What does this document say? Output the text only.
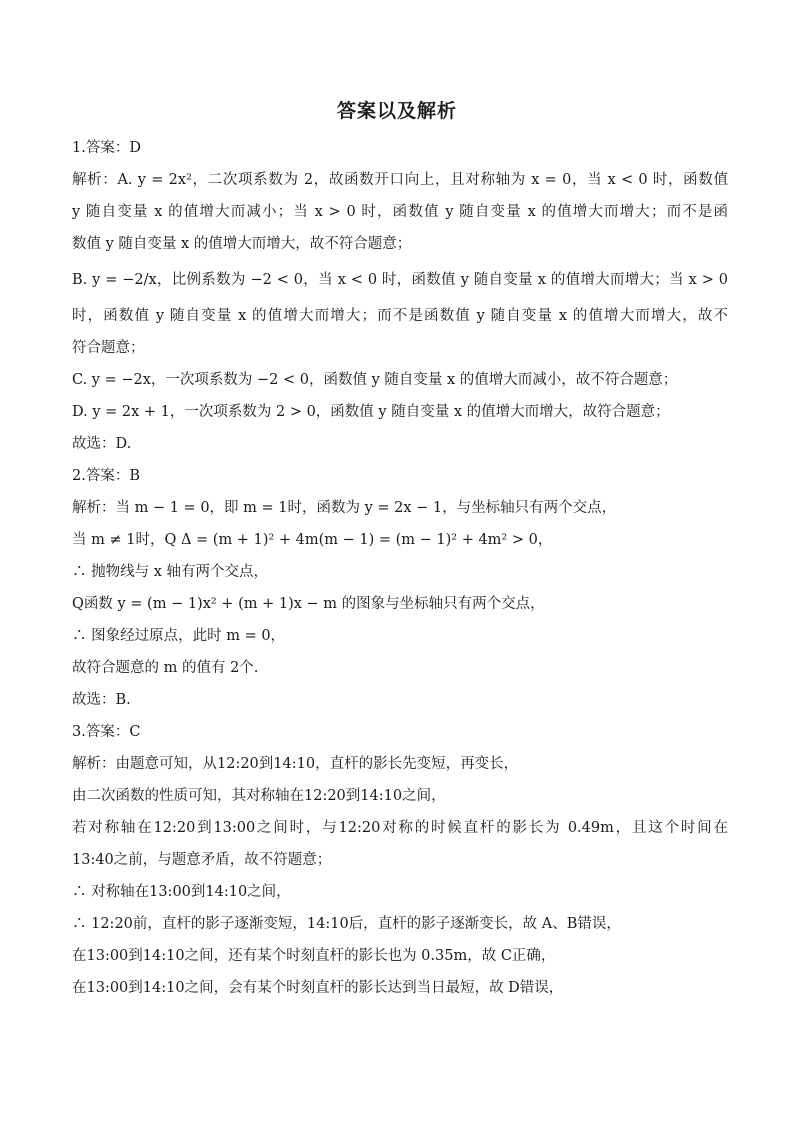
答案以及解析
1.答案：D
解析：A. y = 2x²，二次项系数为 2，故函数开口向上，且对称轴为 x = 0，当 x < 0 时，函数值
y 随自变量 x 的值增大而减小；当 x > 0 时，函数值 y 随自变量 x 的值增大而增大；而不是函
数值 y 随自变量 x 的值增大而增大，故不符合题意；
B. y = −2/x，比例系数为 −2 < 0，当 x < 0 时，函数值 y 随自变量 x 的值增大而增大；当 x > 0
时，函数值 y 随自变量 x 的值增大而增大；而不是函数值 y 随自变量 x 的值增大而增大，故不
符合题意；
C. y = −2x，一次项系数为 −2 < 0，函数值 y 随自变量 x 的值增大而减小，故不符合题意；
D. y = 2x + 1，一次项系数为 2 > 0，函数值 y 随自变量 x 的值增大而增大，故符合题意；
故选：D.
2.答案：B
解析：当 m − 1 = 0，即 m = 1时，函数为 y = 2x − 1，与坐标轴只有两个交点，
当 m ≠ 1时，Q Δ = (m + 1)² + 4m(m − 1) = (m − 1)² + 4m² > 0，
∴ 抛物线与 x 轴有两个交点，
Q函数 y = (m − 1)x² + (m + 1)x − m 的图象与坐标轴只有两个交点，
∴ 图象经过原点，此时 m = 0，
故符合题意的 m 的值有 2个.
故选：B.
3.答案：C
解析：由题意可知，从12:20到14:10，直杆的影长先变短，再变长，
由二次函数的性质可知，其对称轴在12:20到14:10之间，
若对称轴在12:20到13:00之间时，与12:20对称的时候直杆的影长为 0.49m，且这个时间在
13:40之前，与题意矛盾，故不符题意；
∴ 对称轴在13:00到14:10之间，
∴ 12:20前，直杆的影子逐渐变短，14:10后，直杆的影子逐渐变长，故 A、B错误，
在13:00到14:10之间，还有某个时刻直杆的影长也为 0.35m，故 C正确，
在13:00到14:10之间，会有某个时刻直杆的影长达到当日最短，故 D错误，
